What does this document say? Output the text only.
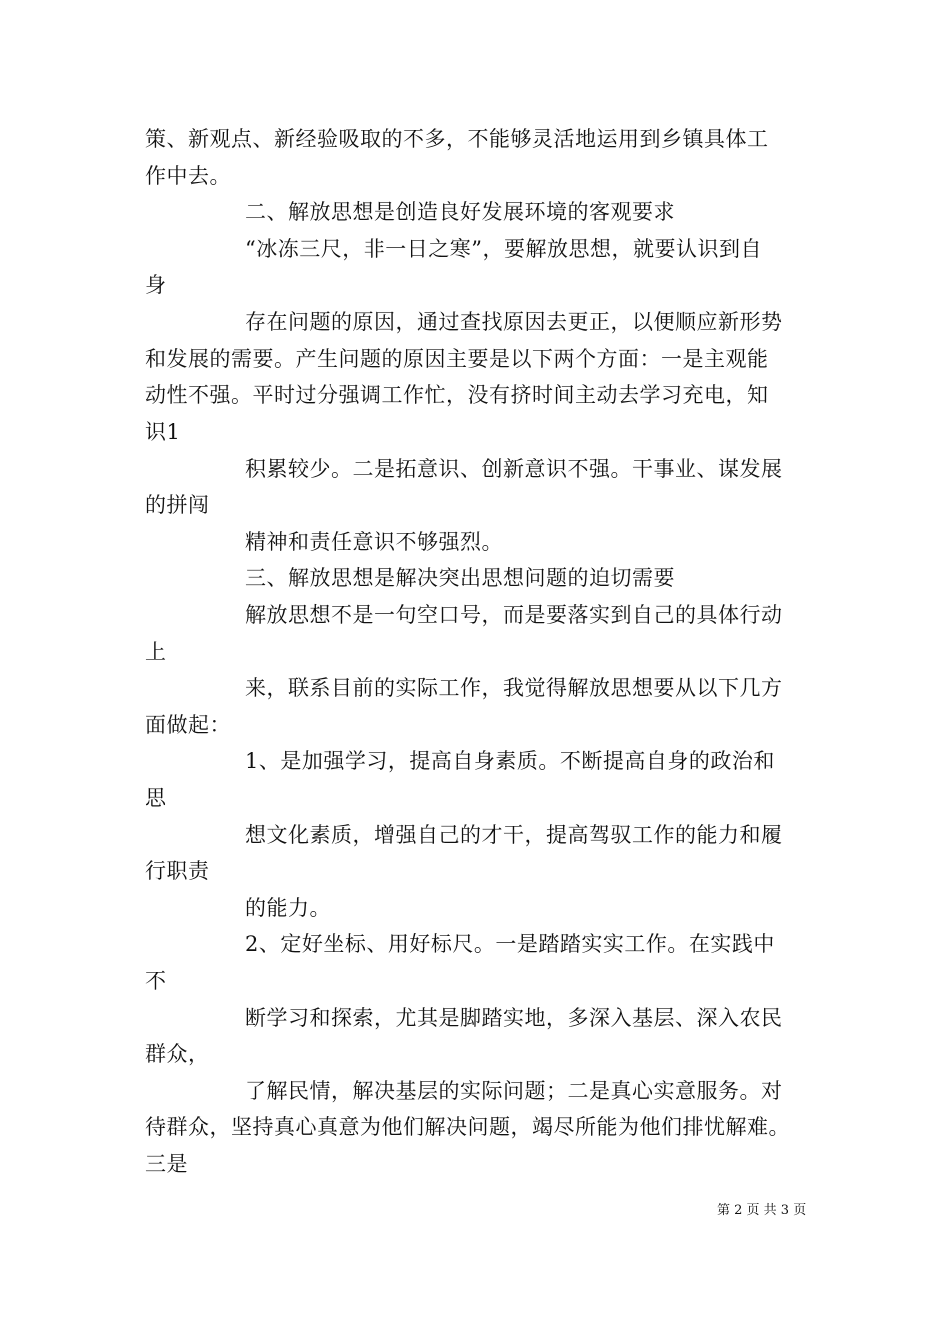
策、新观点、新经验吸取的不多，不能够灵活地运用到乡镇具体工
作中去。
二、解放思想是创造良好发展环境的客观要求
“冰冻三尺，非一日之寒”，要解放思想，就要认识到自
身
存在问题的原因，通过查找原因去更正，以便顺应新形势
和发展的需要。产生问题的原因主要是以下两个方面：一是主观能
动性不强。平时过分强调工作忙，没有挤时间主动去学习充电，知
识1
积累较少。二是拓意识、创新意识不强。干事业、谋发展
的拼闯
精神和责任意识不够强烈。
三、解放思想是解决突出思想问题的迫切需要
解放思想不是一句空口号，而是要落实到自己的具体行动
上
来，联系目前的实际工作，我觉得解放思想要从以下几方
面做起：
1、是加强学习，提高自身素质。不断提高自身的政治和
思
想文化素质，增强自己的才干，提高驾驭工作的能力和履
行职责
的能力。
2、定好坐标、用好标尺。一是踏踏实实工作。在实践中
不
断学习和探索，尤其是脚踏实地，多深入基层、深入农民
群众，
了解民情，解决基层的实际问题；二是真心实意服务。对
待群众，坚持真心真意为他们解决问题，竭尽所能为他们排忧解难。
三是
第 2 页 共 3 页
